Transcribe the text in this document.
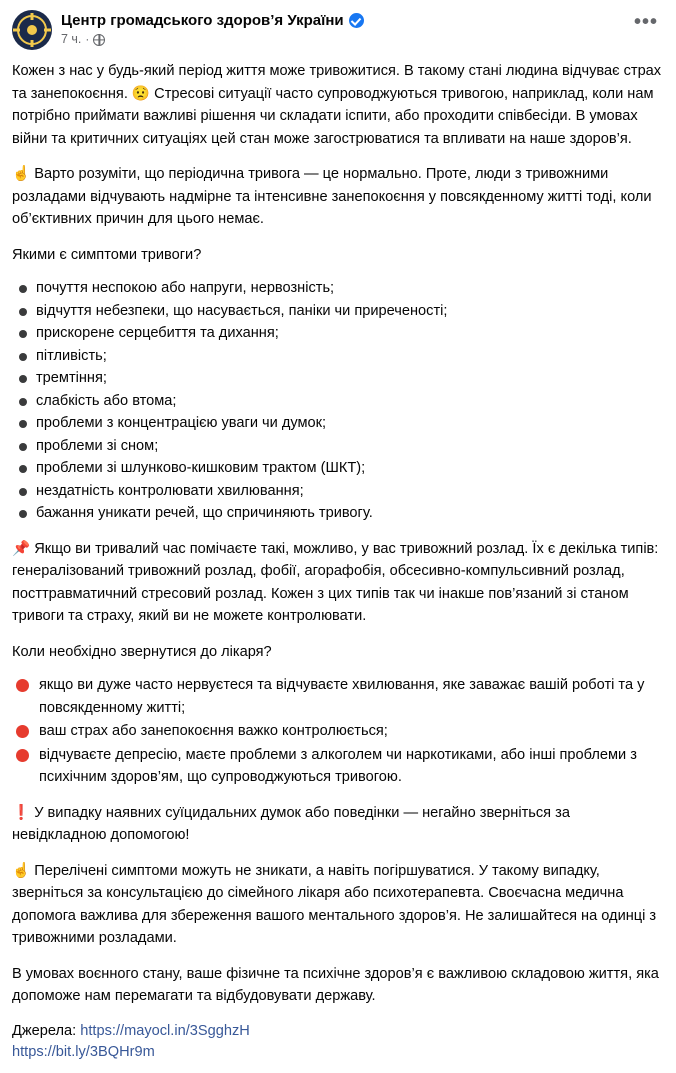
Центр громадського здоров’я України
7 ч. ·
•••

Кожен з нас у будь-який період життя може тривожитися. В такому стані людина відчуває страх та занепокоєння. 😟 Стресові ситуації часто супроводжуються тривогою, наприклад, коли нам потрібно приймати важливі рішення чи складати іспити, або проходити співбесіди. В умовах війни та критичних ситуаціях цей стан може загострюватися та впливати на наше здоров’я.

☝ Варто розуміти, що періодична тривога — це нормально. Проте, люди з тривожними розладами відчувають надмірне та інтенсивне занепокоєння у повсякденному житті тоді, коли об’єктивних причин для цього немає.

Якими є симптоми тривоги?

почуття неспокою або напруги, нервозність;
відчуття небезпеки, що насувається, паніки чи приреченості;
прискорене серцебиття та дихання;
пітливість;
тремтіння;
слабкість або втома;
проблеми з концентрацією уваги чи думок;
проблеми зі сном;
проблеми зі шлунково-кишковим трактом (ШКТ);
нездатність контролювати хвилювання;
бажання уникати речей, що спричиняють тривогу.

📌 Якщо ви тривалий час помічаєте такі, можливо, у вас тривожний розлад. Їх є декілька типів: генералізований тривожний розлад, фобії, агорафобія, обсесивно-компульсивний розлад, посттравматичний стресовий розлад. Кожен з цих типів так чи інакше пов’язаний зі станом тривоги та страху, який ви не можете контролювати.

Коли необхідно звернутися до лікаря?

якщо ви дуже часто нервуєтеся та відчуваєте хвилювання, яке заважає вашій роботі та у повсякденному житті;
ваш страх або занепокоєння важко контролюється;
відчуваєте депресію, маєте проблеми з алкоголем чи наркотиками, або інші проблеми з психічним здоров’ям, що супроводжуються тривогою.

❗ У випадку наявних суїцидальних думок або поведінки — негайно зверніться за невідкладною допомогою!

☝ Перелічені симптоми можуть не зникати, а навіть погіршуватися. У такому випадку, зверніться за консультацією до сімейного лікаря або психотерапевта. Своєчасна медична допомога важлива для збереження вашого ментального здоров’я. Не залишайтеся на одинці з тривожними розладами.

В умовах воєнного стану, ваше фізичне та психічне здоров’я є важливою складовою життя, яка допоможе нам перемагати та відбудовувати державу.

Джерела: https://mayocl.in/3SgghzH
https://bit.ly/3BQHr9m
